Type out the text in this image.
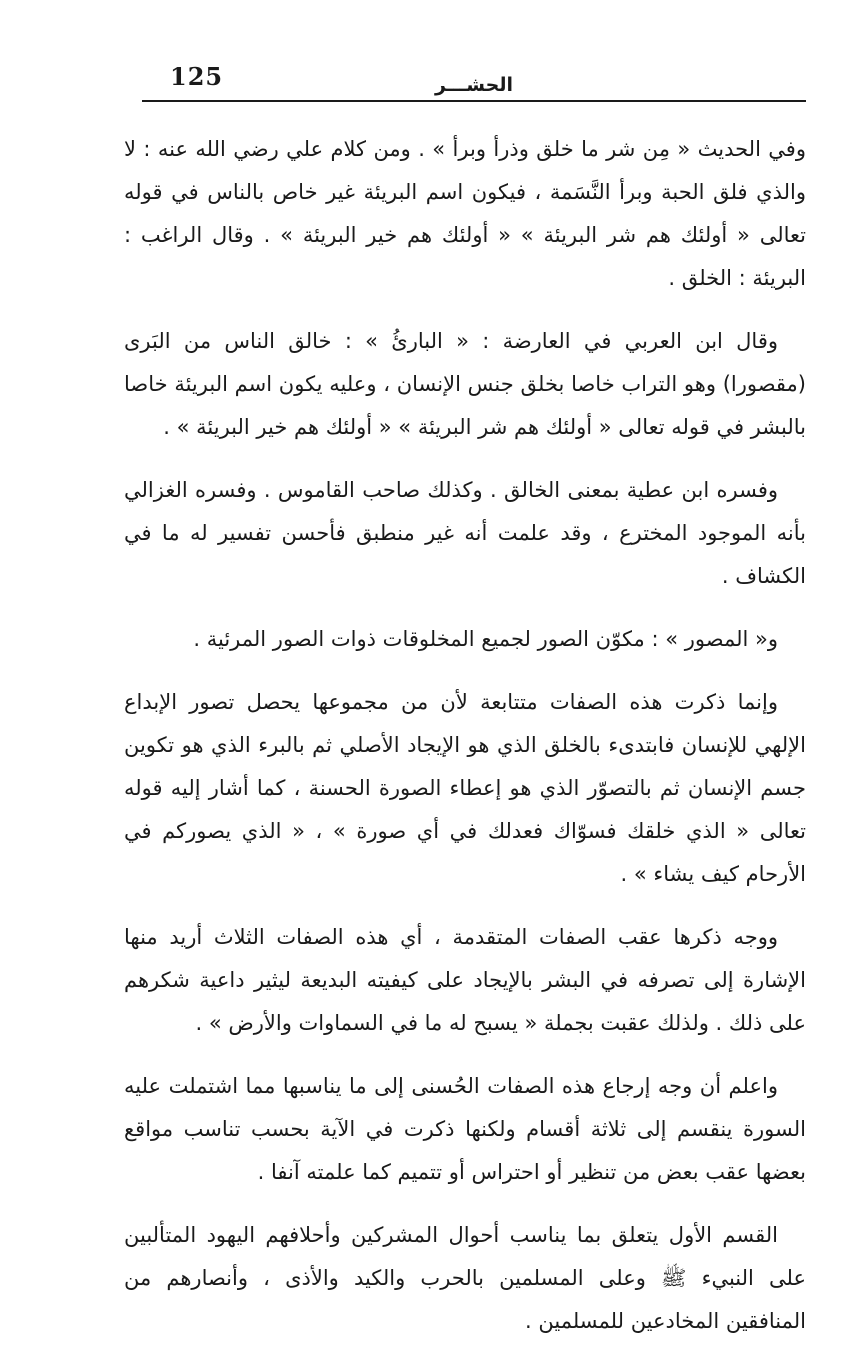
125	الحشـــر

وفي الحديث « مِن شر ما خلق وذرأ وبرأ » . ومن كلام علي رضي الله عنه : لا والذي فلق الحبة وبرأ النَّسَمة ، فيكون اسم البريئة غير خاص بالناس في قوله تعالى « أولئك هم شر البريئة » « أولئك هم خير البريئة » . وقال الراغب : البريئة : الخلق .

وقال ابن العربي في العارضة : « البارئُ » : خالق الناس من البَرى (مقصورا) وهو التراب خاصا بخلق جنس الإنسان ، وعليه يكون اسم البريئة خاصا بالبشر في قوله تعالى « أولئك هم شر البريئة » « أولئك هم خير البريئة » .

وفسره ابن عطية بمعنى الخالق . وكذلك صاحب القاموس . وفسره الغزالي بأنه الموجود المخترع ، وقد علمت أنه غير منطبق فأحسن تفسير له ما في الكشاف .

و« المصور » : مكوّن الصور لجميع المخلوقات ذوات الصور المرئية .

وإنما ذكرت هذه الصفات متتابعة لأن من مجموعها يحصل تصور الإبداع الإلهي للإنسان فابتدىء بالخلق الذي هو الإيجاد الأصلي ثم بالبرء الذي هو تكوين جسم الإنسان ثم بالتصوّر الذي هو إعطاء الصورة الحسنة ، كما أشار إليه قوله تعالى « الذي خلقك فسوّاك فعدلك في أي صورة » ، « الذي يصوركم في الأرحام كيف يشاء » .

ووجه ذكرها عقب الصفات المتقدمة ، أي هذه الصفات الثلاث أريد منها الإشارة إلى تصرفه في البشر بالإيجاد على كيفيته البديعة ليثير داعية شكرهم على ذلك . ولذلك عقبت بجملة « يسبح له ما في السماوات والأرض » .

واعلم أن وجه إرجاع هذه الصفات الحُسنى إلى ما يناسبها مما اشتملت عليه السورة ينقسم إلى ثلاثة أقسام ولكنها ذكرت في الآية بحسب تناسب مواقع بعضها عقب بعض من تنظير أو احتراس أو تتميم كما علمته آنفا .

القسم الأول يتعلق بما يناسب أحوال المشركين وأحلافهم اليهود المتألبين على النبيء ﷺ وعلى المسلمين بالحرب والكيد والأذى ، وأنصارهم من المنافقين المخادعين للمسلمين .
